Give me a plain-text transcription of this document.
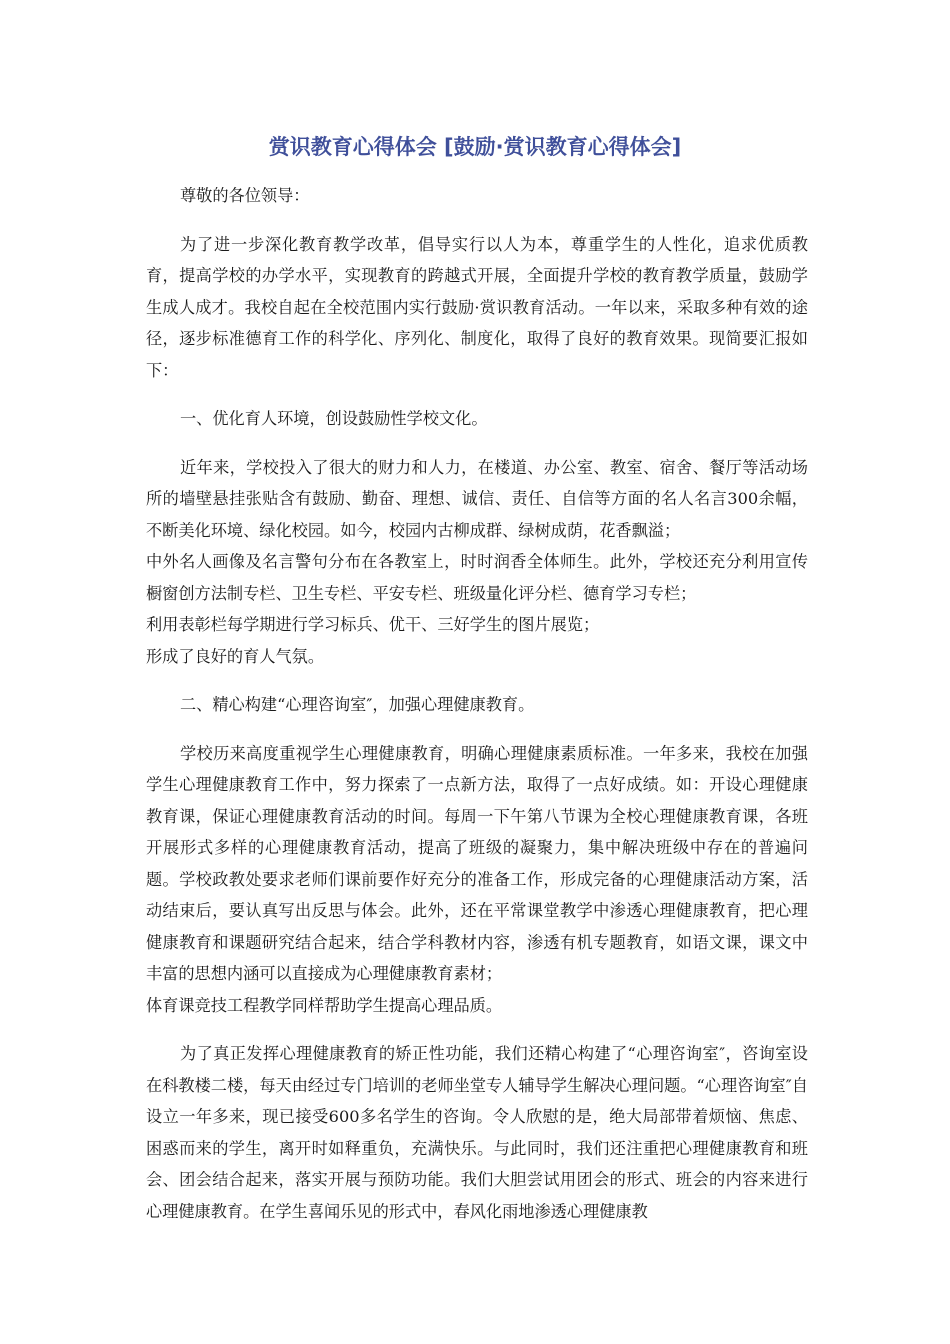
赏识教育心得体会 [鼓励·赏识教育心得体会]

尊敬的各位领导：

为了进一步深化教育教学改革，倡导实行以人为本，尊重学生的人性化，追求优质教育，提高学校的办学水平，实现教育的跨越式开展，全面提升学校的教育教学质量，鼓励学生成人成才。我校自起在全校范围内实行鼓励·赏识教育活动。一年以来，采取多种有效的途径，逐步标准德育工作的科学化、序列化、制度化，取得了良好的教育效果。现简要汇报如下：

一、优化育人环境，创设鼓励性学校文化。

近年来，学校投入了很大的财力和人力，在楼道、办公室、教室、宿舍、餐厅等活动场所的墙壁悬挂张贴含有鼓励、勤奋、理想、诚信、责任、自信等方面的名人名言300余幅，不断美化环境、绿化校园。如今，校园内古柳成群、绿树成荫，花香飘溢；

中外名人画像及名言警句分布在各教室上，时时润香全体师生。此外，学校还充分利用宣传橱窗创方法制专栏、卫生专栏、平安专栏、班级量化评分栏、德育学习专栏；

利用表彰栏每学期进行学习标兵、优干、三好学生的图片展览；

形成了良好的育人气氛。

二、精心构建“心理咨询室″，加强心理健康教育。

学校历来高度重视学生心理健康教育，明确心理健康素质标准。一年多来，我校在加强学生心理健康教育工作中，努力探索了一点新方法，取得了一点好成绩。如：开设心理健康教育课，保证心理健康教育活动的时间。每周一下午第八节课为全校心理健康教育课，各班开展形式多样的心理健康教育活动，提高了班级的凝聚力，集中解决班级中存在的普遍问题。学校政教处要求老师们课前要作好充分的准备工作，形成完备的心理健康活动方案，活动结束后，要认真写出反思与体会。此外，还在平常课堂教学中渗透心理健康教育，把心理健康教育和课题研究结合起来，结合学科教材内容，渗透有机专题教育，如语文课，课文中丰富的思想内涵可以直接成为心理健康教育素材；

体育课竞技工程教学同样帮助学生提高心理品质。

为了真正发挥心理健康教育的矫正性功能，我们还精心构建了“心理咨询室″，咨询室设在科教楼二楼，每天由经过专门培训的老师坐堂专人辅导学生解决心理问题。“心理咨询室″自设立一年多来，现已接受600多名学生的咨询。令人欣慰的是，绝大局部带着烦恼、焦虑、困惑而来的学生，离开时如释重负，充满快乐。与此同时，我们还注重把心理健康教育和班会、团会结合起来，落实开展与预防功能。我们大胆尝试用团会的形式、班会的内容来进行心理健康教育。在学生喜闻乐见的形式中，春风化雨地渗透心理健康教
